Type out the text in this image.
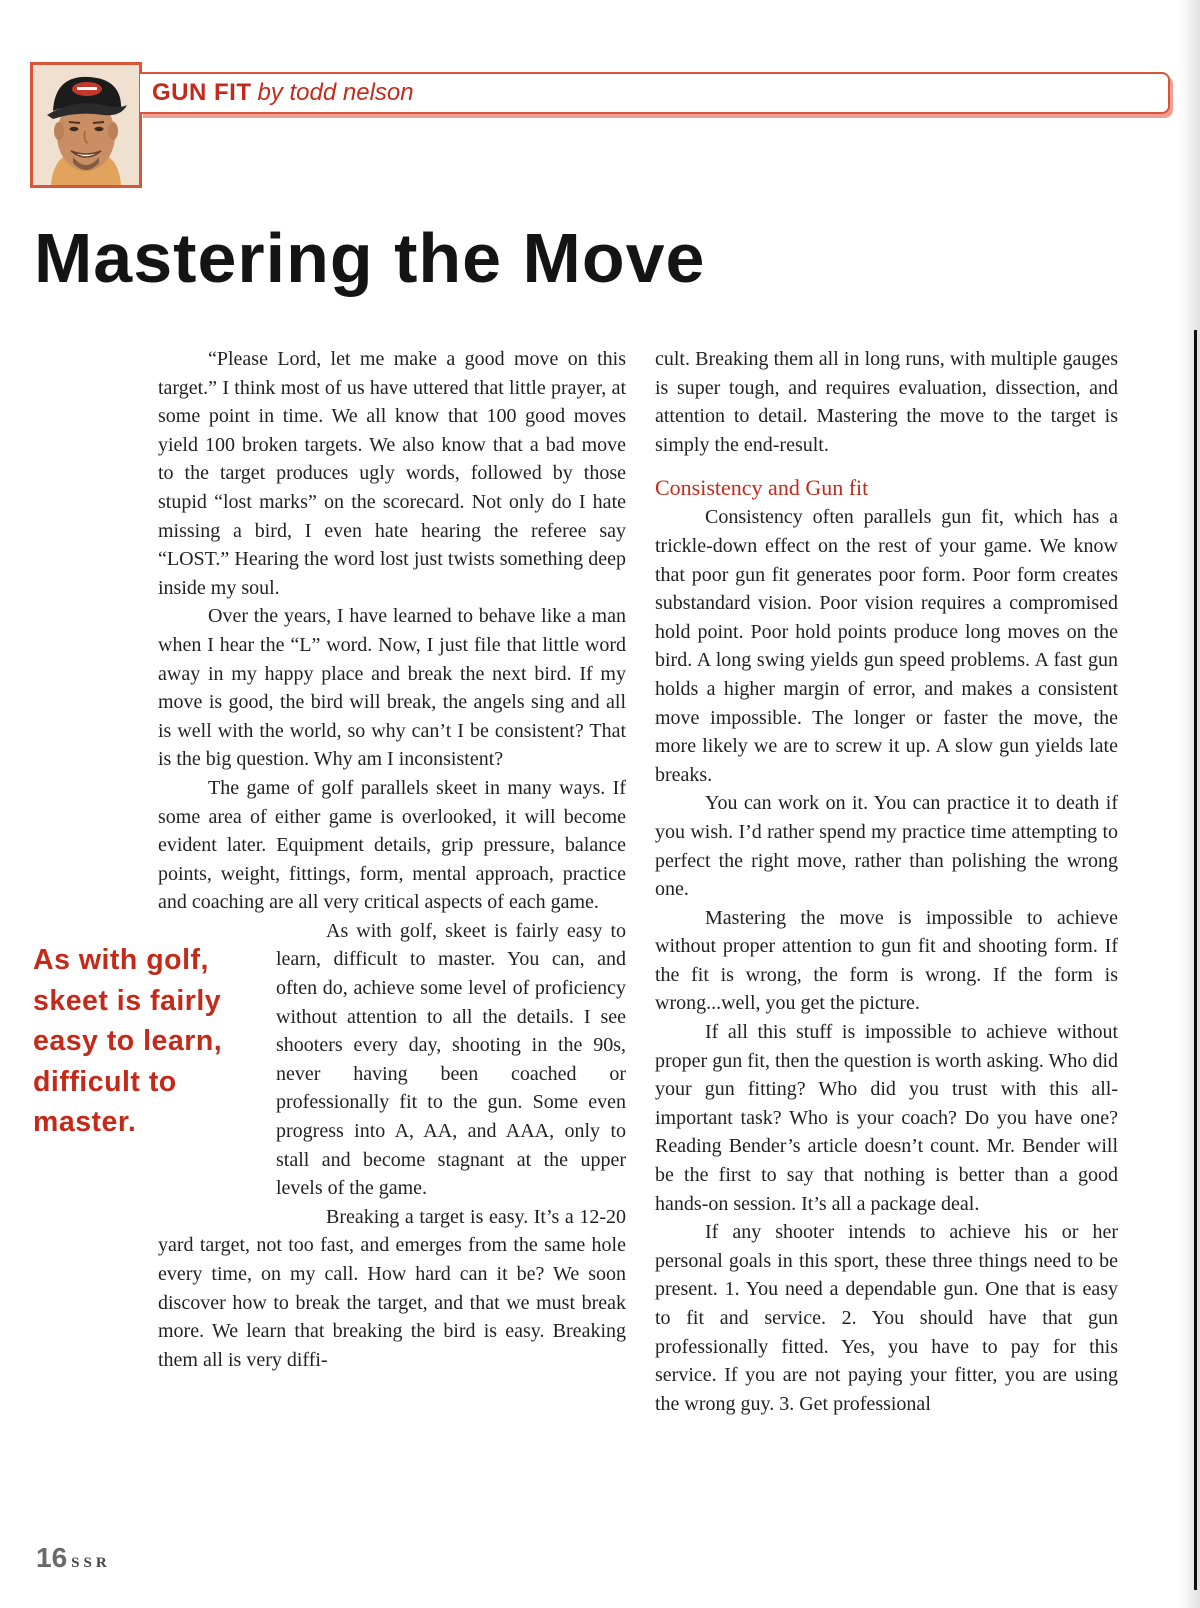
GUN FIT by todd nelson
Mastering the Move

“Please Lord, let me make a good move on this target.” I think most of us have uttered that little prayer, at some point in time. We all know that 100 good moves yield 100 broken targets. We also know that a bad move to the target produces ugly words, followed by those stupid “lost marks” on the scorecard. Not only do I hate missing a bird, I even hate hearing the referee say “LOST.” Hearing the word lost just twists something deep inside my soul.

Over the years, I have learned to behave like a man when I hear the “L” word. Now, I just file that little word away in my happy place and break the next bird. If my move is good, the bird will break, the angels sing and all is well with the world, so why can’t I be consistent? That is the big question. Why am I inconsistent?

The game of golf parallels skeet in many ways. If some area of either game is overlooked, it will become evident later. Equipment details, grip pressure, balance points, weight, fittings, form, mental approach, practice and coaching are all very critical aspects of each game.

As with golf, skeet is fairly easy to learn, difficult to master. You can, and often do, achieve some level of proficiency without attention to all the details. I see shooters every day, shooting in the 90s, never having been coached or professionally fit to the gun. Some even progress into A, AA, and AAA, only to stall and become stagnant at the upper levels of the game.

Breaking a target is easy. It’s a 12-20 yard target, not too fast, and emerges from the same hole every time, on my call. How hard can it be? We soon discover how to break the target, and that we must break more. We learn that breaking the bird is easy. Breaking them all is very diffi-

As with golf, skeet is fairly easy to learn, difficult to master.

cult. Breaking them all in long runs, with multiple gauges is super tough, and requires evaluation, dissection, and attention to detail. Mastering the move to the target is simply the end-result.

Consistency and Gun fit

Consistency often parallels gun fit, which has a trickle-down effect on the rest of your game. We know that poor gun fit generates poor form. Poor form creates substandard vision. Poor vision requires a compromised hold point. Poor hold points produce long moves on the bird. A long swing yields gun speed problems. A fast gun holds a higher margin of error, and makes a consistent move impossible. The longer or faster the move, the more likely we are to screw it up. A slow gun yields late breaks.

You can work on it. You can practice it to death if you wish. I’d rather spend my practice time attempting to perfect the right move, rather than polishing the wrong one.

Mastering the move is impossible to achieve without proper attention to gun fit and shooting form. If the fit is wrong, the form is wrong. If the form is wrong...well, you get the picture.

If all this stuff is impossible to achieve without proper gun fit, then the question is worth asking. Who did your gun fitting? Who did you trust with this all-important task? Who is your coach? Do you have one? Reading Bender’s article doesn’t count. Mr. Bender will be the first to say that nothing is better than a good hands-on session. It’s all a package deal.

If any shooter intends to achieve his or her personal goals in this sport, these three things need to be present. 1. You need a dependable gun. One that is easy to fit and service. 2. You should have that gun professionally fitted. Yes, you have to pay for this service. If you are not paying your fitter, you are using the wrong guy. 3. Get professional

16 SSR
